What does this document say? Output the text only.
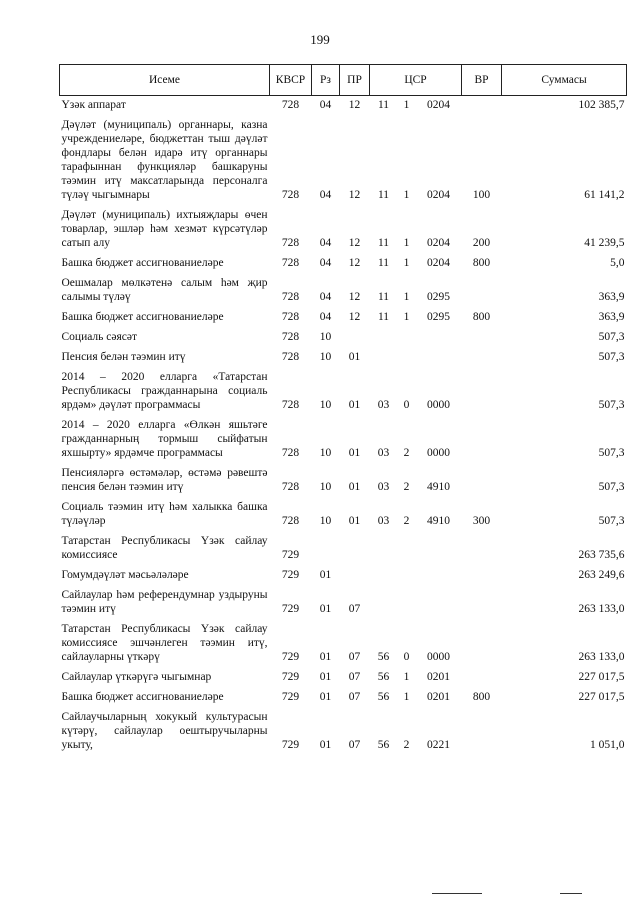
199
Исеме	КВСР	Рз	ПР	ЦСР			ВР	Суммасы
Үзәк аппарат	728	04	12	11	1	0204		102 385,7
Дәүләт (муниципаль) органнары, казна учреждениеләре, бюджеттан тыш дәүләт фондлары белән идарә итү органнары тарафыннан функцияләр башкаруны тәэмин итү максатларында персоналга түләү чыгымнары	728	04	12	11	1	0204	100	61 141,2
Дәүләт (муниципаль) ихтыяҗлары өчен товарлар, эшләр һәм хезмәт күрсәтүләр сатып алу	728	04	12	11	1	0204	200	41 239,5
Башка бюджет ассигнованиеләре	728	04	12	11	1	0204	800	5,0
Оешмалар мөлкәтенә салым һәм җир салымы түләү	728	04	12	11	1	0295		363,9
Башка бюджет ассигнованиеләре	728	04	12	11	1	0295	800	363,9
Социаль сәясәт	728	10						507,3
Пенсия белән тәэмин итү	728	10	01					507,3
2014 – 2020 елларга «Татарстан Республикасы гражданнарына социаль ярдәм» дәүләт программасы	728	10	01	03	0	0000		507,3
2014 – 2020 елларга «Өлкән яшьтәге гражданнарның тормыш сыйфатын яхшырту» ярдәмче программасы	728	10	01	03	2	0000		507,3
Пенсияләргә өстәмәләр, өстәмә рәвештә пенсия белән тәэмин итү	728	10	01	03	2	4910		507,3
Социаль тәэмин итү һәм халыкка башка түләүләр	728	10	01	03	2	4910	300	507,3
Татарстан Республикасы Үзәк сайлау комиссиясе	729							263 735,6
Гомумдәүләт мәсьәләләре	729	01						263 249,6
Сайлаулар һәм референдумнар уздыруны тәэмин итү	729	01	07					263 133,0
Татарстан Республикасы Үзәк сайлау комиссиясе эшчәнлеген тәэмин итү, сайлауларны үткәрү	729	01	07	56	0	0000		263 133,0
Сайлаулар үткәрүгә чыгымнар	729	01	07	56	1	0201		227 017,5
Башка бюджет ассигнованиеләре	729	01	07	56	1	0201	800	227 017,5
Сайлаучыларның хокукый культурасын күтәрү, сайлаулар оештыручыларны укыту,	729	01	07	56	2	0221		1 051,0
